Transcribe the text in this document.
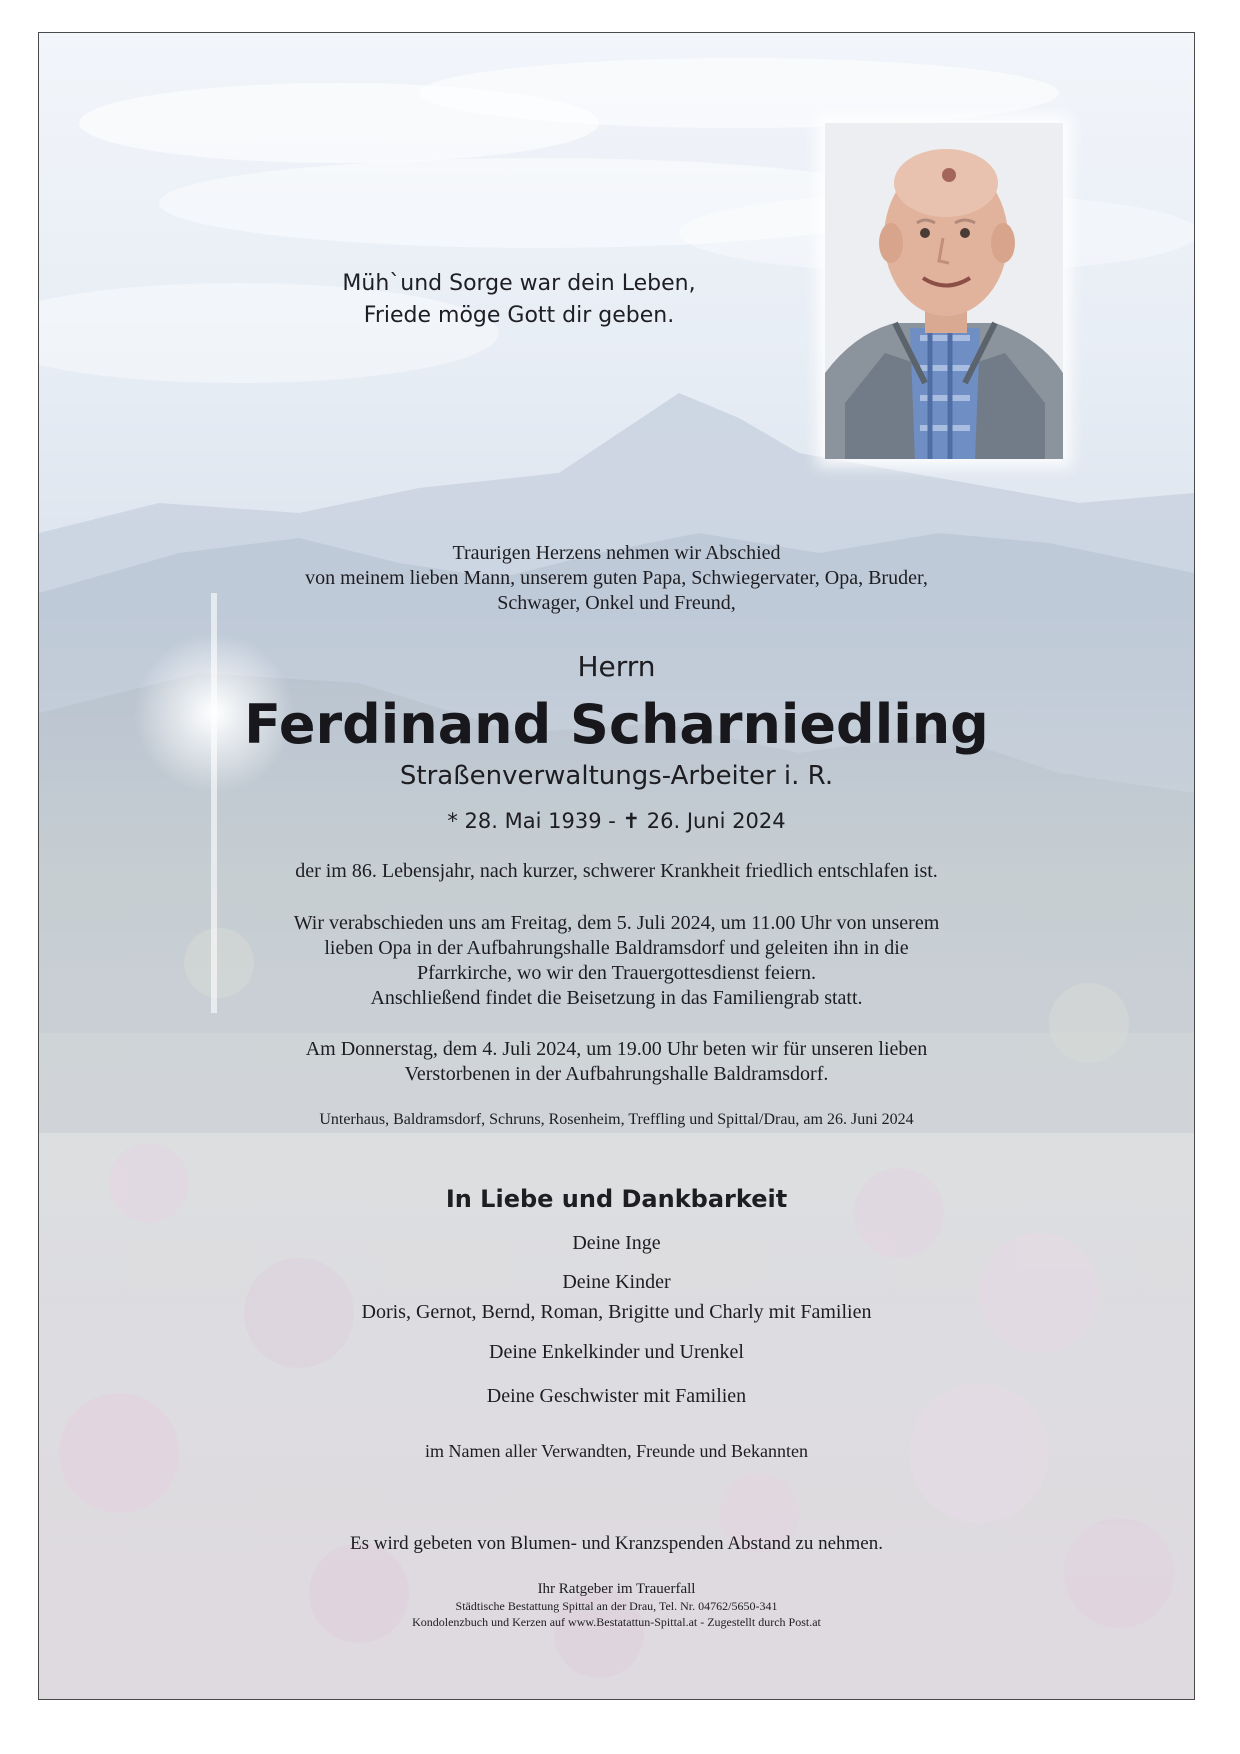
Müh`und Sorge war dein Leben,
Friede möge Gott dir geben.
Traurigen Herzens nehmen wir Abschied
von meinem lieben Mann, unserem guten Papa, Schwiegervater, Opa, Bruder,
Schwager, Onkel und Freund,
Herrn
Ferdinand Scharniedling
Straßenverwaltungs-Arbeiter i. R.
* 28. Mai 1939 - ✝ 26. Juni 2024
der im 86. Lebensjahr, nach kurzer, schwerer Krankheit friedlich entschlafen ist.
Wir verabschieden uns am Freitag, dem 5. Juli 2024, um 11.00 Uhr von unserem
lieben Opa in der Aufbahrungshalle Baldramsdorf und geleiten ihn in die
Pfarrkirche, wo wir den Trauergottesdienst feiern.
Anschließend findet die Beisetzung in das Familiengrab statt.
Am Donnerstag, dem 4. Juli 2024, um 19.00 Uhr beten wir für unseren lieben
Verstorbenen in der Aufbahrungshalle Baldramsdorf.
Unterhaus, Baldramsdorf, Schruns, Rosenheim, Treffling und Spittal/Drau, am 26. Juni 2024
In Liebe und Dankbarkeit
Deine Inge
Deine Kinder
Doris, Gernot, Bernd, Roman, Brigitte und Charly mit Familien
Deine Enkelkinder und Urenkel
Deine Geschwister mit Familien
im Namen aller Verwandten, Freunde und Bekannten
Es wird gebeten von Blumen- und Kranzspenden Abstand zu nehmen.
Ihr Ratgeber im Trauerfall
Städtische Bestattung Spittal an der Drau, Tel. Nr. 04762/5650-341
Kondolenzbuch und Kerzen auf www.Bestatattun-Spittal.at - Zugestellt durch Post.at
